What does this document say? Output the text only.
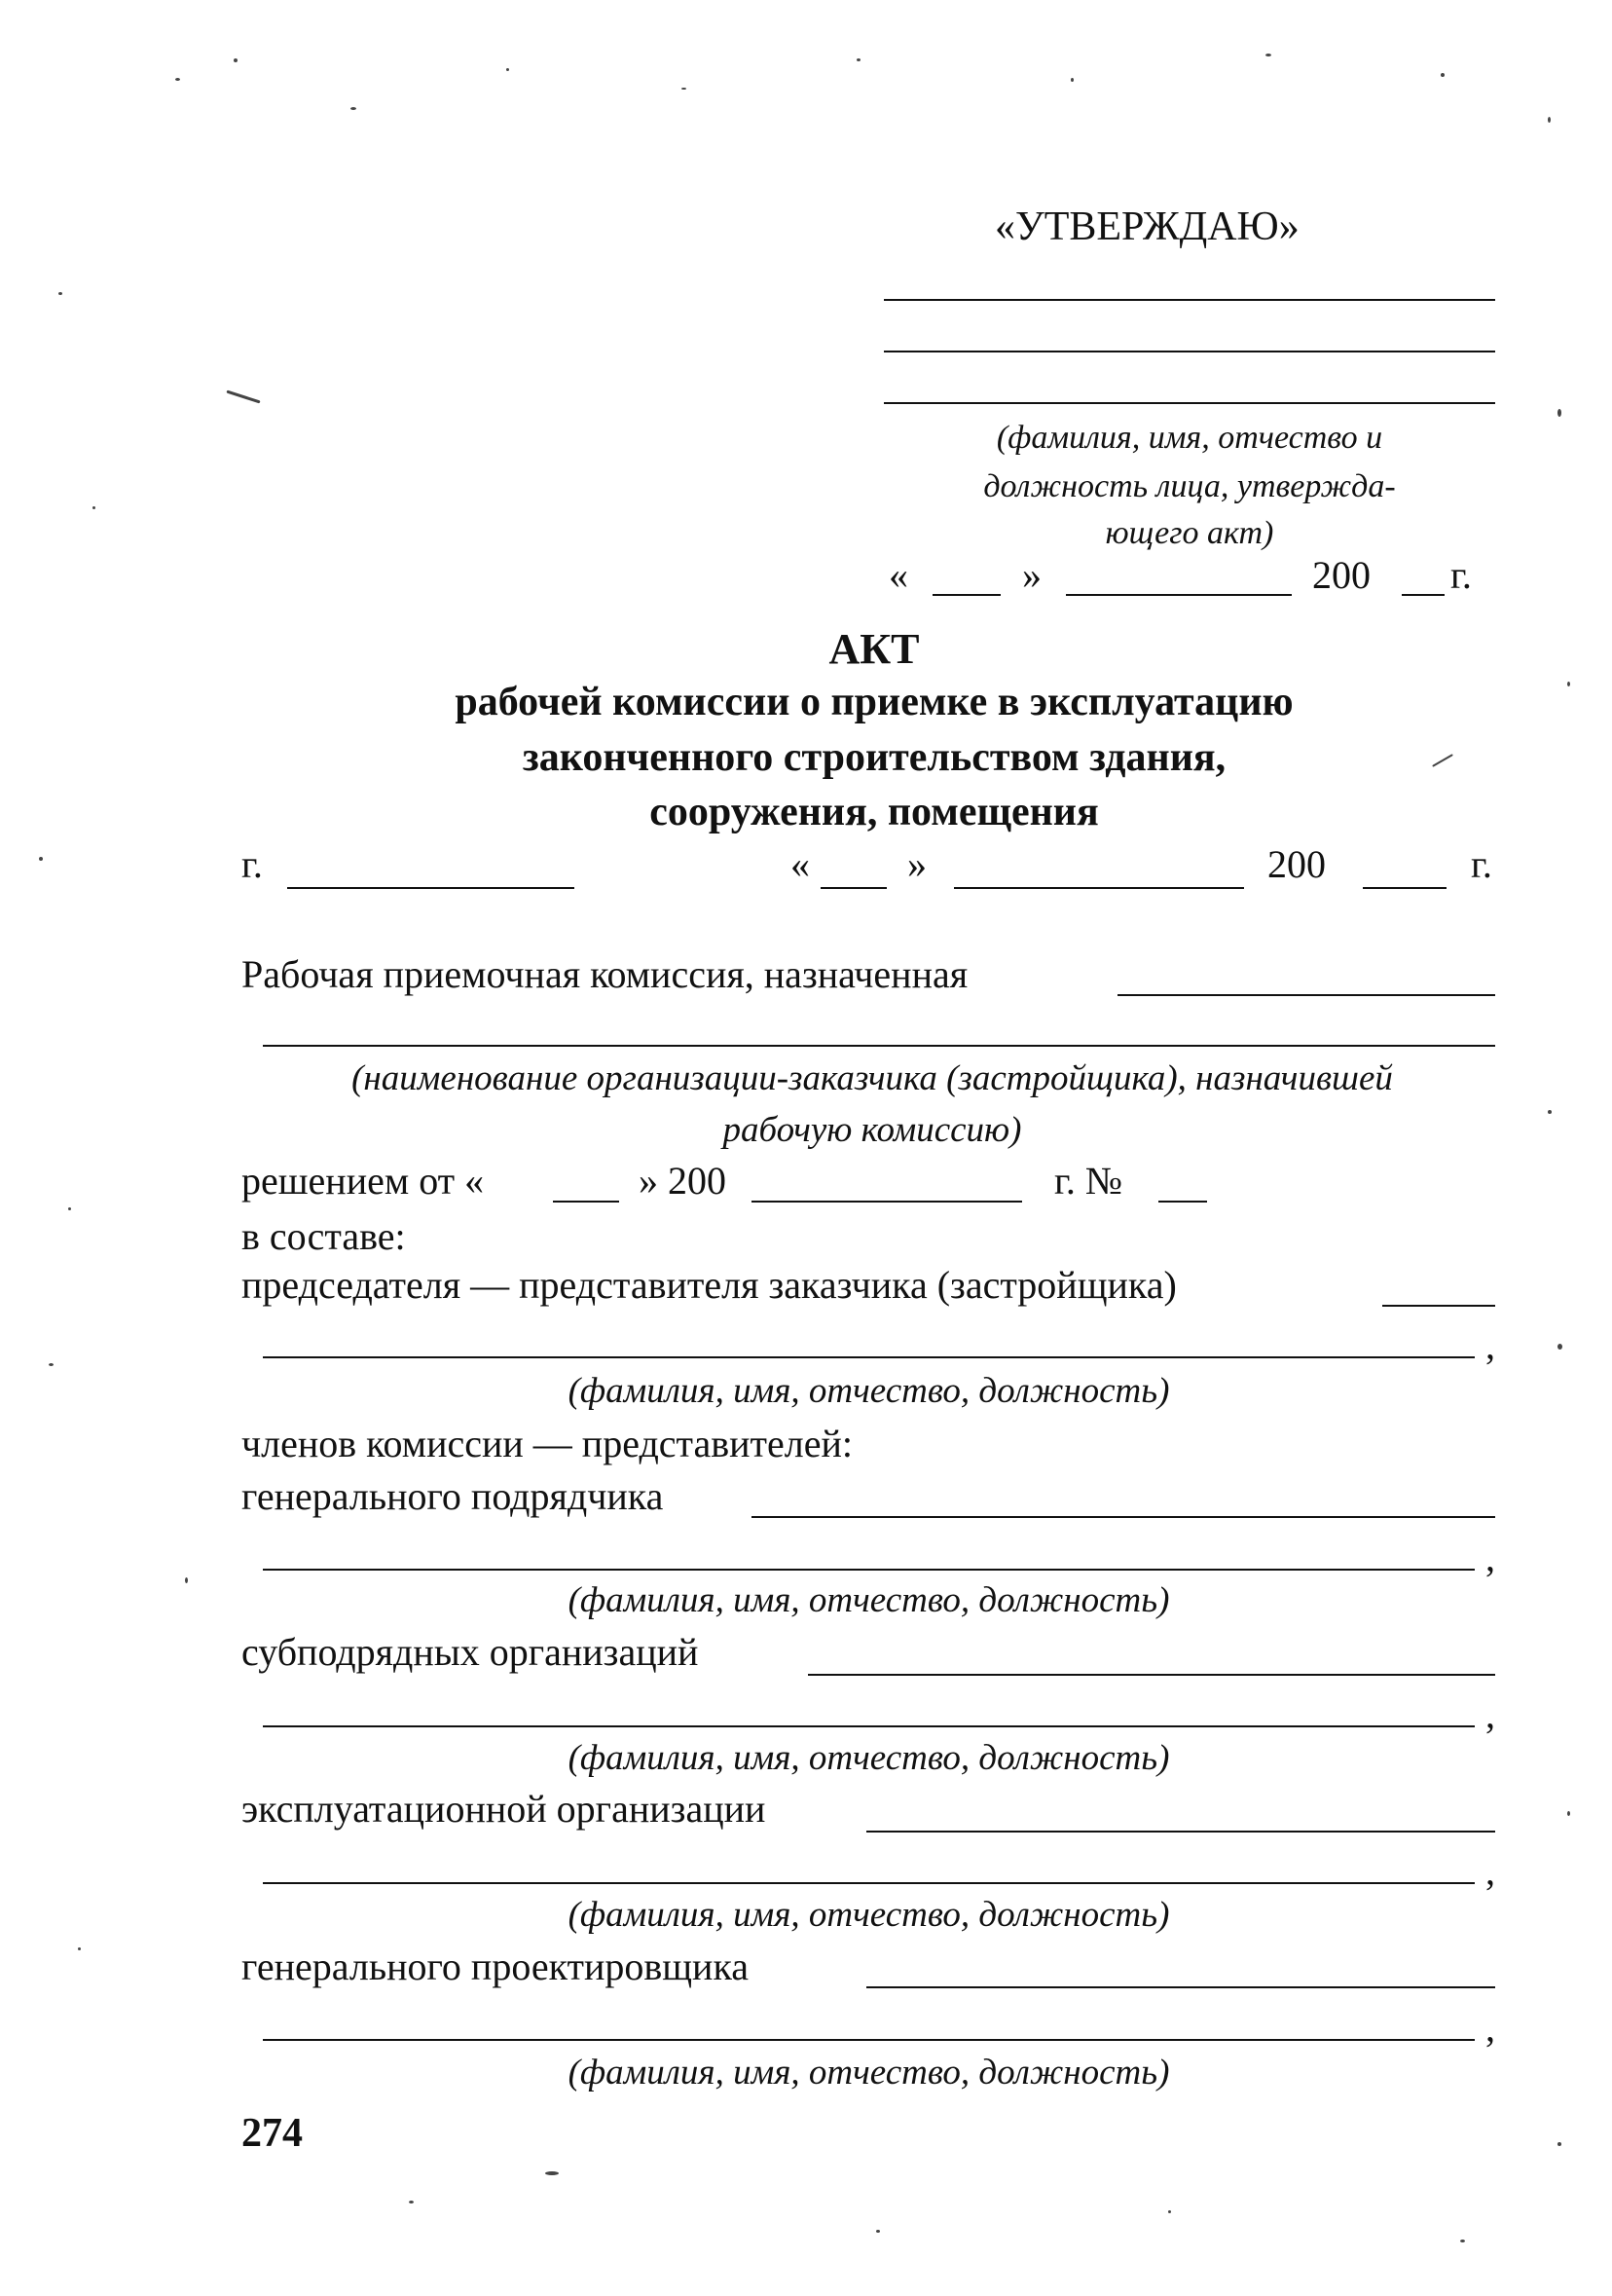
«УТВЕРЖДАЮ»
(фамилия, имя, отчество и
должность лица, утвержда-
ющего акт)
«	»	200 г.
АКТ
рабочей комиссии о приемке в эксплуатацию
законченного строительством здания,
сооружения, помещения
г.	«	»	200	г.
Рабочая приемочная комиссия, назначенная
(наименование организации-заказчика (застройщика), назначившей
рабочую комиссию)
решением от «	» 200	г. №
в составе:
председателя — представителя заказчика (застройщика)
,
(фамилия, имя, отчество, должность)
членов комиссии — представителей:
генерального подрядчика
,
(фамилия, имя, отчество, должность)
субподрядных организаций
,
(фамилия, имя, отчество, должность)
эксплуатационной организации
,
(фамилия, имя, отчество, должность)
генерального проектировщика
,
(фамилия, имя, отчество, должность)
274
